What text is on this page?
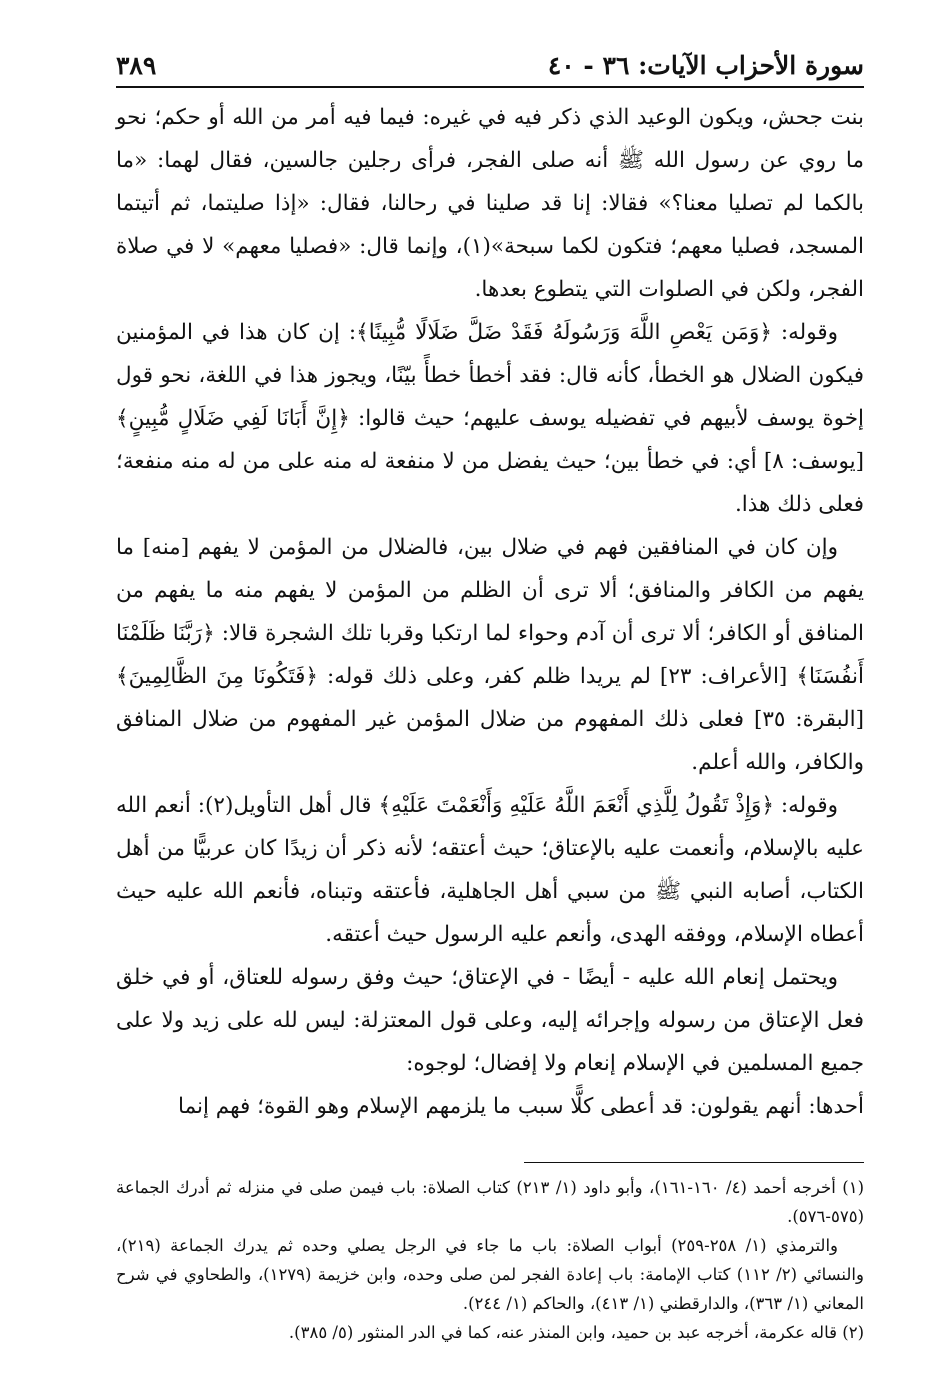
سورة الأحزاب الآيات: ٣٦ - ٤٠
٣٨٩

بنت جحش، ويكون الوعيد الذي ذكر فيه في غيره: فيما فيه أمر من الله أو حكم؛ نحو ما روي عن رسول الله ﷺ أنه صلى الفجر، فرأى رجلين جالسين، فقال لهما: «ما بالكما لم تصليا معنا؟» فقالا: إنا قد صلينا في رحالنا، فقال: «إذا صليتما، ثم أتيتما المسجد، فصليا معهم؛ فتكون لكما سبحة»(١)، وإنما قال: «فصليا معهم» لا في صلاة الفجر، ولكن في الصلوات التي يتطوع بعدها.

وقوله: ﴿وَمَن يَعْصِ اللَّهَ وَرَسُولَهُ فَقَدْ ضَلَّ ضَلَالًا مُّبِينًا﴾: إن كان هذا في المؤمنين فيكون الضلال هو الخطأ، كأنه قال: فقد أخطأ خطأً بيّنًا، ويجوز هذا في اللغة، نحو قول إخوة يوسف لأبيهم في تفضيله يوسف عليهم؛ حيث قالوا: ﴿إِنَّ أَبَانَا لَفِي ضَلَالٍ مُّبِينٍ﴾ [يوسف: ٨] أي: في خطأ بين؛ حيث يفضل من لا منفعة له منه على من له منه منفعة؛ فعلى ذلك هذا.

وإن كان في المنافقين فهم في ضلال بين، فالضلال من المؤمن لا يفهم [منه] ما يفهم من الكافر والمنافق؛ ألا ترى أن الظلم من المؤمن لا يفهم منه ما يفهم من المنافق أو الكافر؛ ألا ترى أن آدم وحواء لما ارتكبا وقربا تلك الشجرة قالا: ﴿رَبَّنَا ظَلَمْنَا أَنفُسَنَا﴾ [الأعراف: ٢٣] لم يريدا ظلم كفر، وعلى ذلك قوله: ﴿فَتَكُونَا مِنَ الظَّالِمِينَ﴾ [البقرة: ٣٥] فعلى ذلك المفهوم من ضلال المؤمن غير المفهوم من ضلال المنافق والكافر، والله أعلم.

وقوله: ﴿وَإِذْ تَقُولُ لِلَّذِي أَنْعَمَ اللَّهُ عَلَيْهِ وَأَنْعَمْتَ عَلَيْهِ﴾ قال أهل التأويل(٢): أنعم الله عليه بالإسلام، وأنعمت عليه بالإعتاق؛ حيث أعتقه؛ لأنه ذكر أن زيدًا كان عربيًّا من أهل الكتاب، أصابه النبي ﷺ من سبي أهل الجاهلية، فأعتقه وتبناه، فأنعم الله عليه حيث أعطاه الإسلام، ووفقه الهدى، وأنعم عليه الرسول حيث أعتقه.

ويحتمل إنعام الله عليه - أيضًا - في الإعتاق؛ حيث وفق رسوله للعتاق، أو في خلق فعل الإعتاق من رسوله وإجرائه إليه، وعلى قول المعتزلة: ليس لله على زيد ولا على جميع المسلمين في الإسلام إنعام ولا إفضال؛ لوجوه:

أحدها: أنهم يقولون: قد أعطى كلًّا سبب ما يلزمهم الإسلام وهو القوة؛ فهم إنما

(١) أخرجه أحمد (٤/ ١٦٠-١٦١)، وأبو داود (١/ ٢١٣) كتاب الصلاة: باب فيمن صلى في منزله ثم أدرك الجماعة (٥٧٥-٥٧٦).

والترمذي (١/ ٢٥٨-٢٥٩) أبواب الصلاة: باب ما جاء في الرجل يصلي وحده ثم يدرك الجماعة (٢١٩)، والنسائي (٢/ ١١٢) كتاب الإمامة: باب إعادة الفجر لمن صلى وحده، وابن خزيمة (١٢٧٩)، والطحاوي في شرح المعاني (١/ ٣٦٣)، والدارقطني (١/ ٤١٣)، والحاكم (١/ ٢٤٤).

(٢) قاله عكرمة، أخرجه عبد بن حميد، وابن المنذر عنه، كما في الدر المنثور (٥/ ٣٨٥).
